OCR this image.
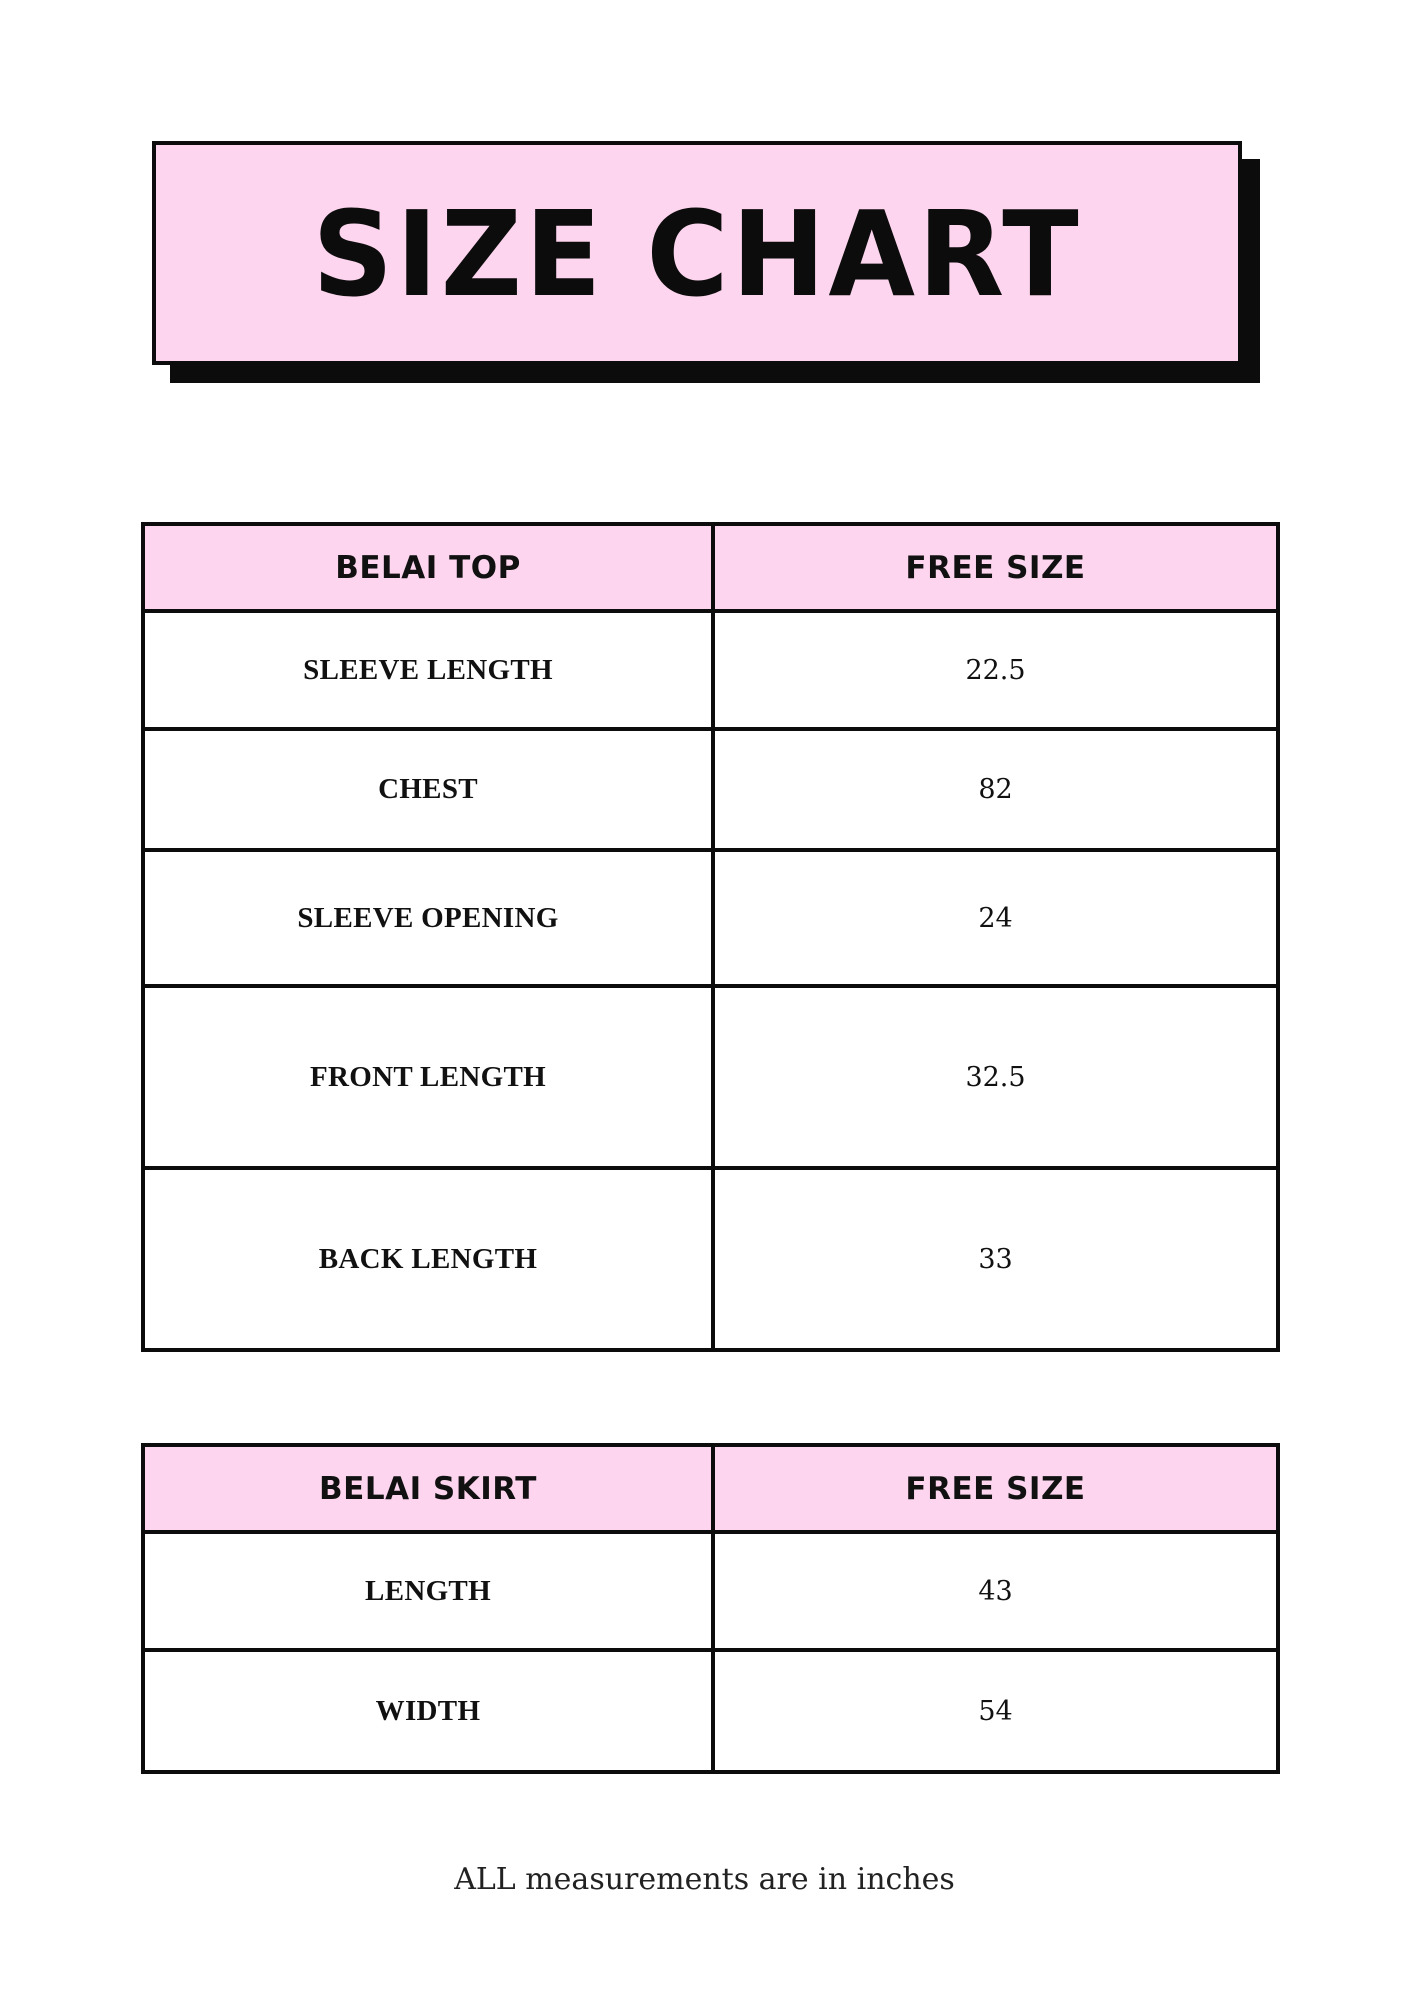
SIZE CHART
BELAI TOP	FREE SIZE
SLEEVE LENGTH	22.5
CHEST	82
SLEEVE OPENING	24
FRONT LENGTH	32.5
BACK LENGTH	33
BELAI SKIRT	FREE SIZE
LENGTH	43
WIDTH	54
ALL measurements are in inches
